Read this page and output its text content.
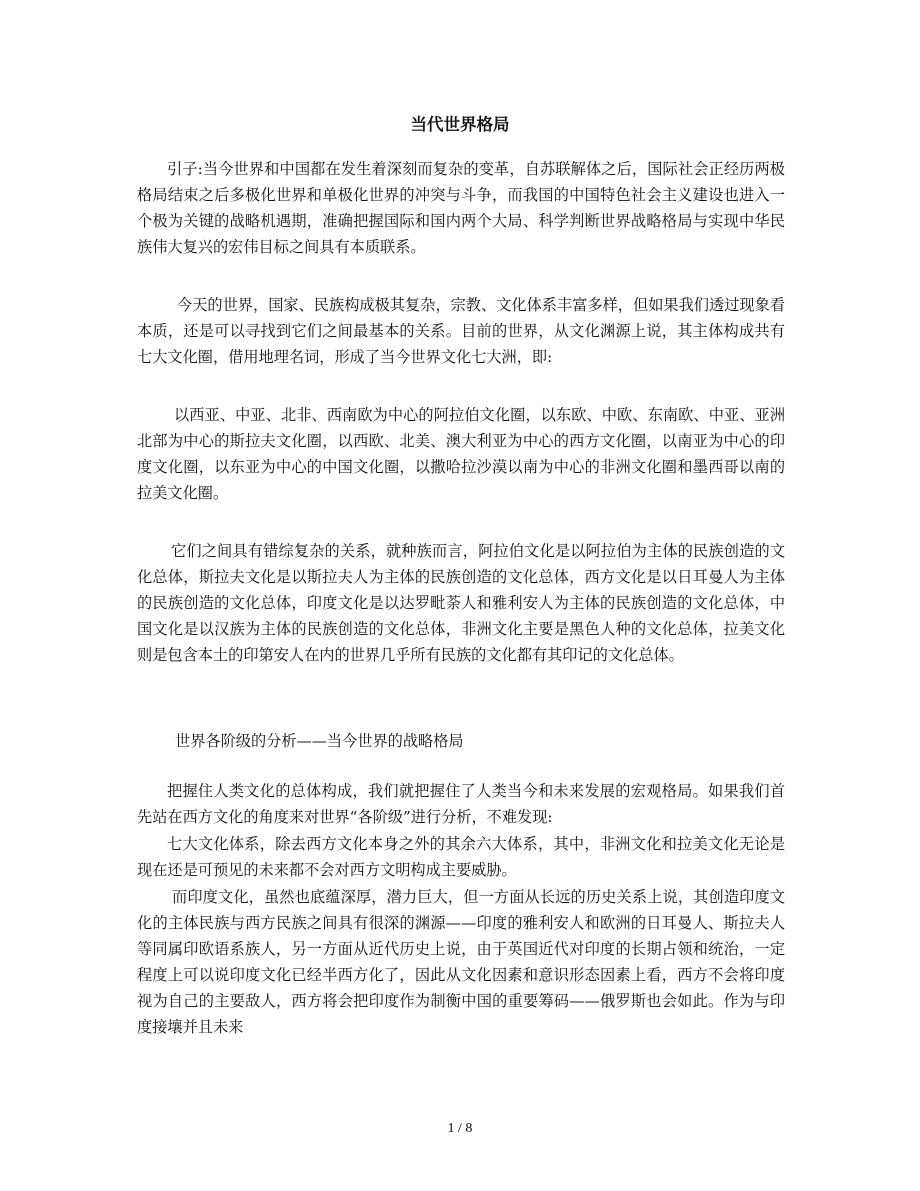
当代世界格局

引子:当今世界和中国都在发生着深刻而复杂的变革，自苏联解体之后，国际社会正经历两极格局结束之后多极化世界和单极化世界的冲突与斗争，而我国的中国特色社会主义建设也进入一个极为关键的战略机遇期，准确把握国际和国内两个大局、科学判断世界战略格局与实现中华民族伟大复兴的宏伟目标之间具有本质联系。

今天的世界，国家、民族构成极其复杂，宗教、文化体系丰富多样，但如果我们透过现象看本质，还是可以寻找到它们之间最基本的关系。目前的世界，从文化渊源上说，其主体构成共有七大文化圈，借用地理名词，形成了当今世界文化七大洲，即:

以西亚、中亚、北非、西南欧为中心的阿拉伯文化圈，以东欧、中欧、东南欧、中亚、亚洲北部为中心的斯拉夫文化圈，以西欧、北美、澳大利亚为中心的西方文化圈，以南亚为中心的印度文化圈，以东亚为中心的中国文化圈，以撒哈拉沙漠以南为中心的非洲文化圈和墨西哥以南的拉美文化圈。

它们之间具有错综复杂的关系，就种族而言，阿拉伯文化是以阿拉伯为主体的民族创造的文化总体，斯拉夫文化是以斯拉夫人为主体的民族创造的文化总体，西方文化是以日耳曼人为主体的民族创造的文化总体，印度文化是以达罗毗荼人和雅利安人为主体的民族创造的文化总体，中国文化是以汉族为主体的民族创造的文化总体，非洲文化主要是黑色人种的文化总体，拉美文化则是包含本土的印第安人在内的世界几乎所有民族的文化都有其印记的文化总体。

世界各阶级的分析——当今世界的战略格局

把握住人类文化的总体构成，我们就把握住了人类当今和未来发展的宏观格局。如果我们首先站在西方文化的角度来对世界“各阶级”进行分析，不难发现:

七大文化体系，除去西方文化本身之外的其余六大体系，其中，非洲文化和拉美文化无论是现在还是可预见的未来都不会对西方文明构成主要威胁。

而印度文化，虽然也底蕴深厚，潜力巨大，但一方面从长远的历史关系上说，其创造印度文化的主体民族与西方民族之间具有很深的渊源——印度的雅利安人和欧洲的日耳曼人、斯拉夫人等同属印欧语系族人，另一方面从近代历史上说，由于英国近代对印度的长期占领和统治，一定程度上可以说印度文化已经半西方化了，因此从文化因素和意识形态因素上看，西方不会将印度视为自己的主要敌人，西方将会把印度作为制衡中国的重要筹码——俄罗斯也会如此。作为与印度接壤并且未来

1 / 8
